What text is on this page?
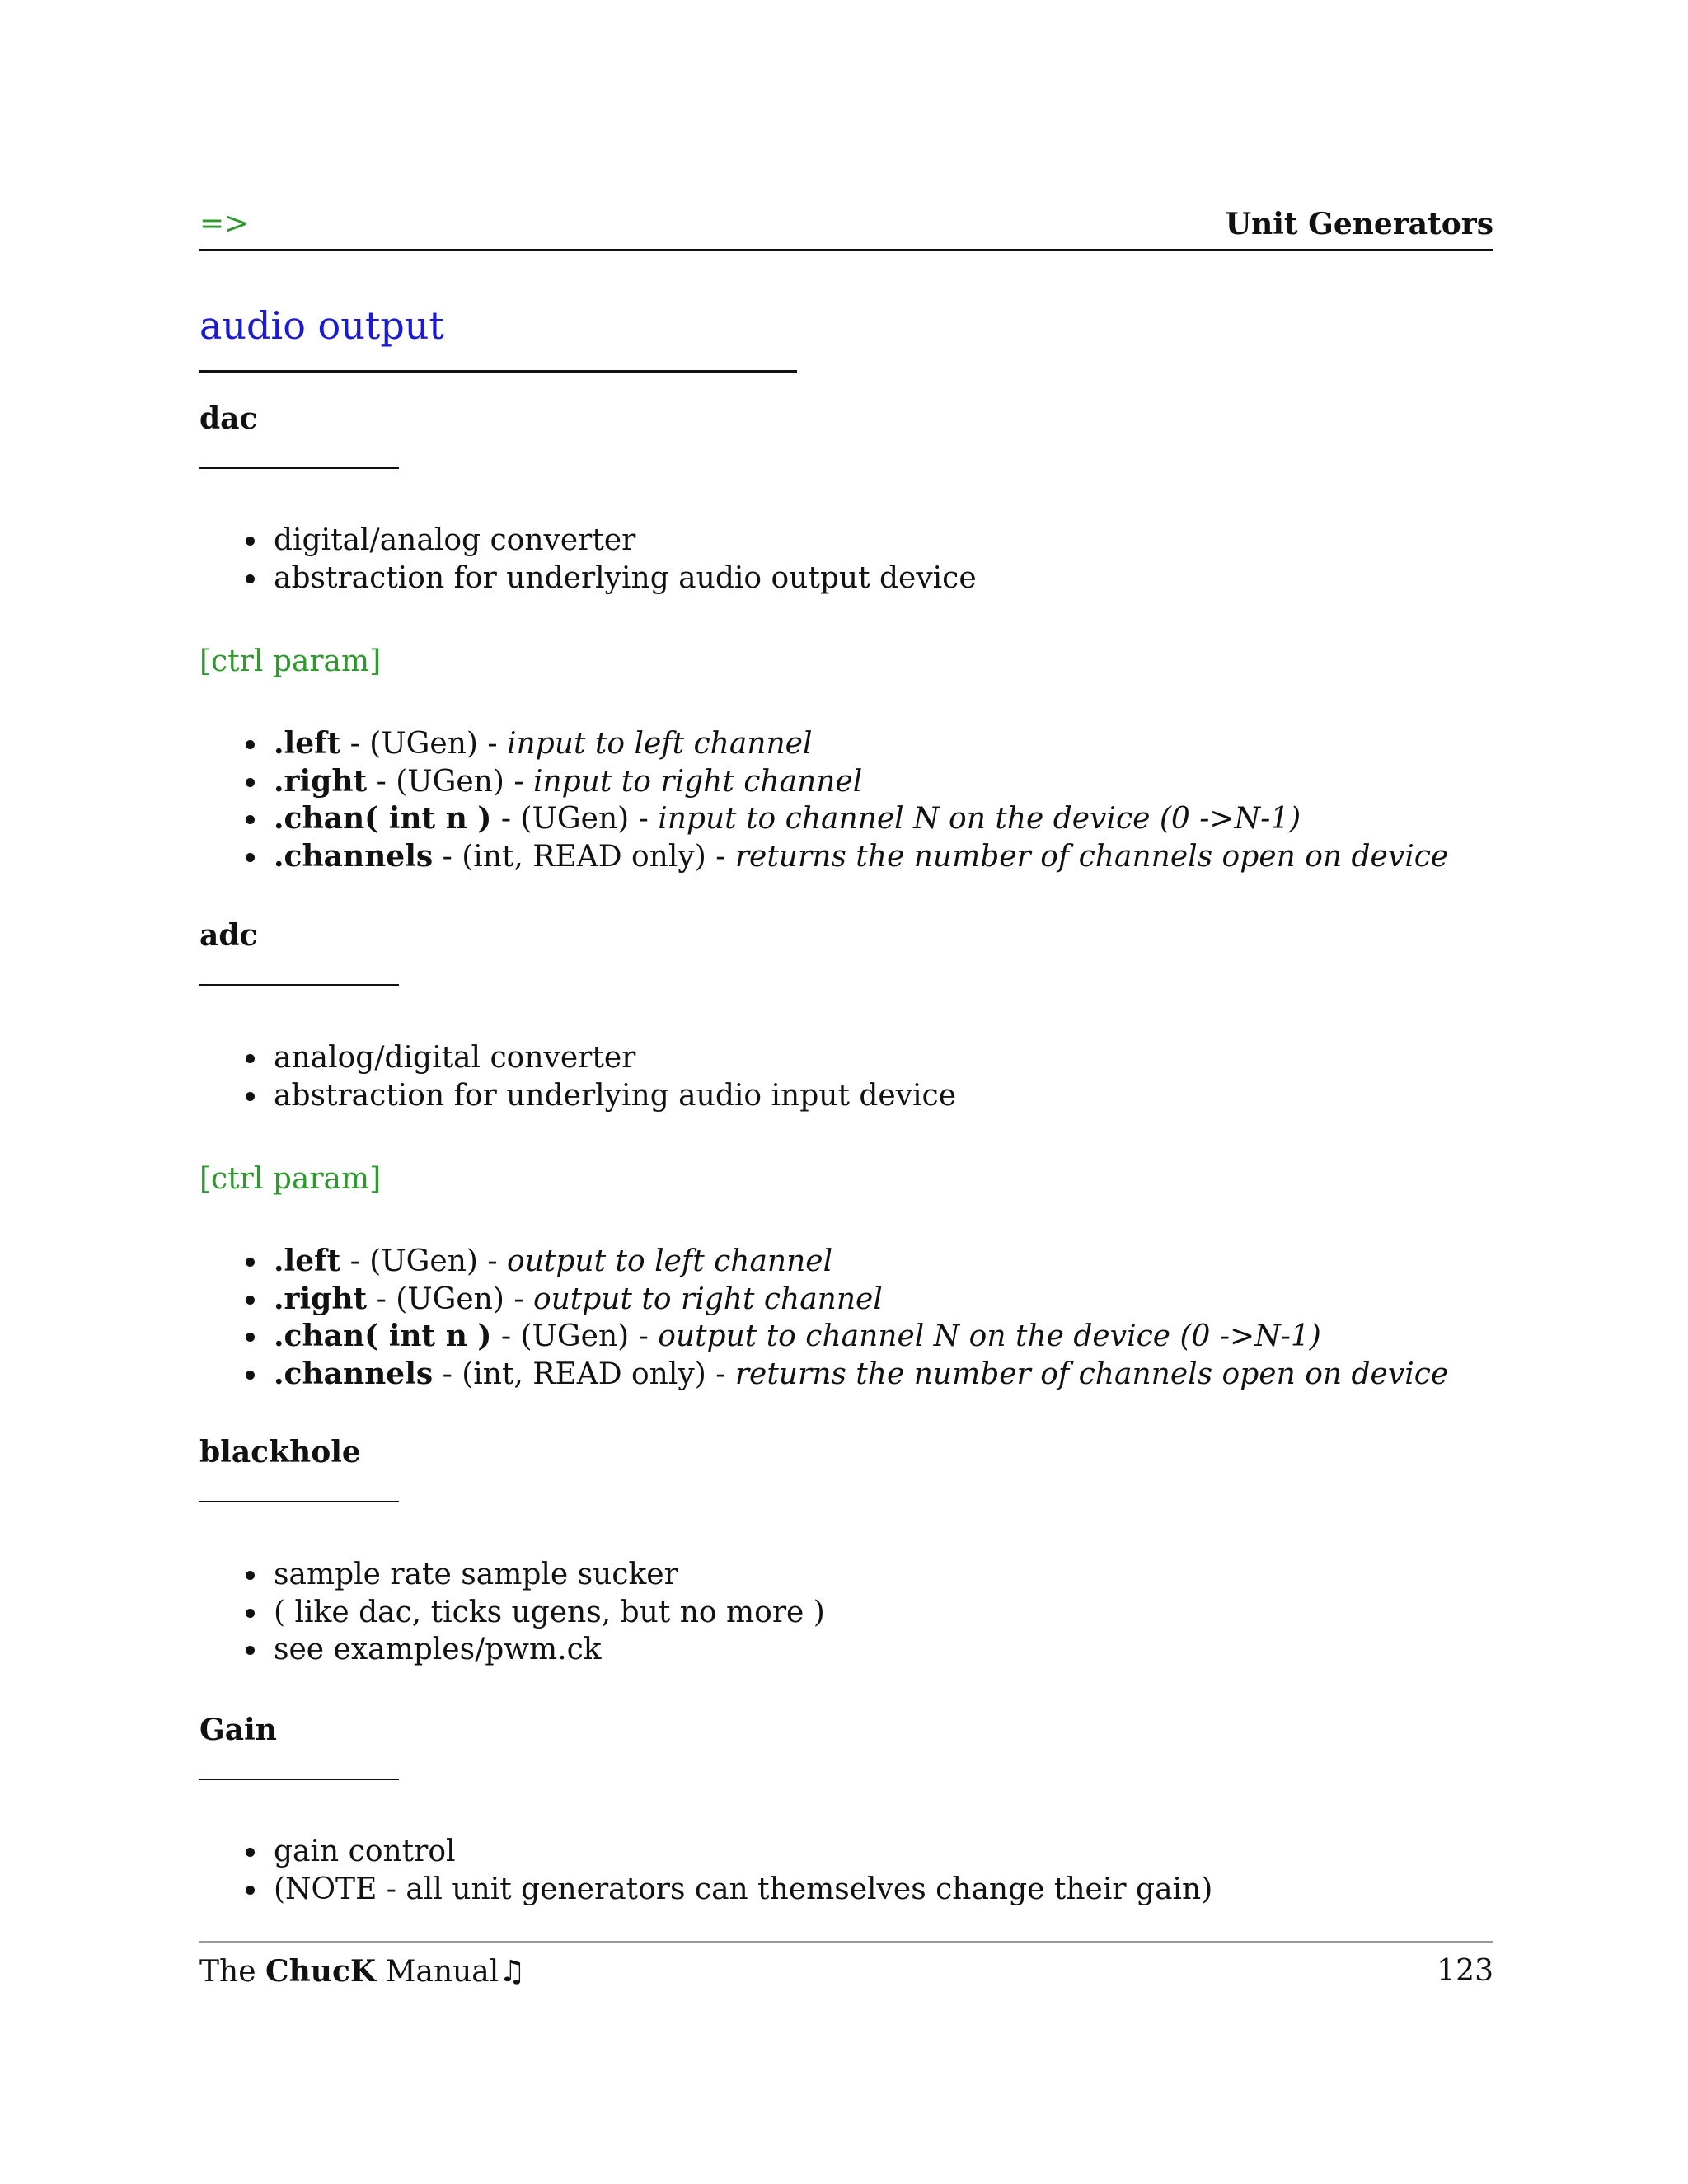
=>	Unit Generators
audio output
dac
digital/analog converter
abstraction for underlying audio output device
[ctrl param]
.left - (UGen) - input to left channel
.right - (UGen) - input to right channel
.chan( int n ) - (UGen) - input to channel N on the device (0 ->N-1)
.channels - (int, READ only) - returns the number of channels open on device
adc
analog/digital converter
abstraction for underlying audio input device
[ctrl param]
.left - (UGen) - output to left channel
.right - (UGen) - output to right channel
.chan( int n ) - (UGen) - output to channel N on the device (0 ->N-1)
.channels - (int, READ only) - returns the number of channels open on device
blackhole
sample rate sample sucker
( like dac, ticks ugens, but no more )
see examples/pwm.ck
Gain
gain control
(NOTE - all unit generators can themselves change their gain)
The ChucK Manual♫	123
